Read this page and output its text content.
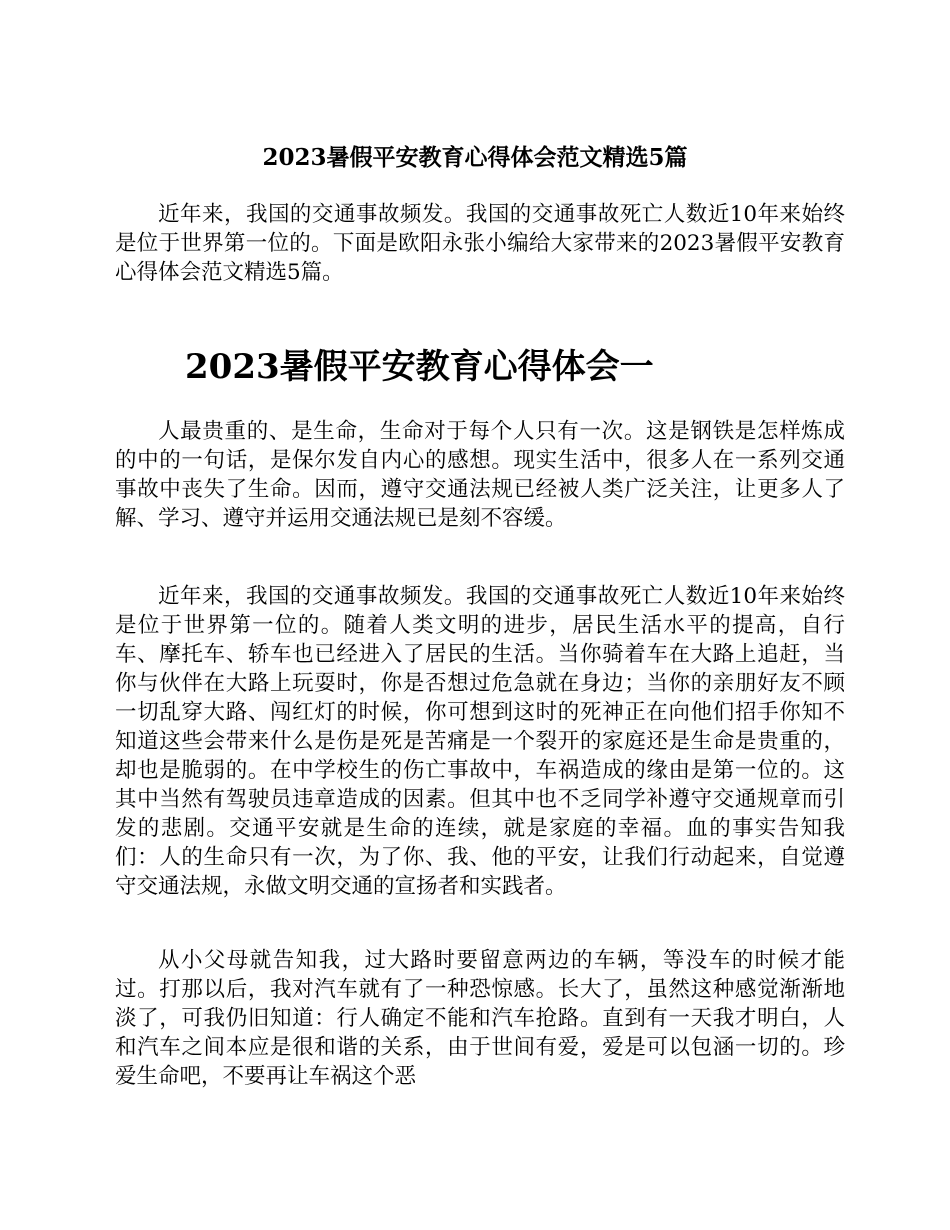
2023暑假平安教育心得体会范文精选5篇

近年来，我国的交通事故频发。我国的交通事故死亡人数近10年来始终是位于世界第一位的。下面是欧阳永张小编给大家带来的2023暑假平安教育心得体会范文精选5篇。

2023暑假平安教育心得体会一

人最贵重的、是生命，生命对于每个人只有一次。这是钢铁是怎样炼成的中的一句话，是保尔发自内心的感想。现实生活中，很多人在一系列交通事故中丧失了生命。因而，遵守交通法规已经被人类广泛关注，让更多人了解、学习、遵守并运用交通法规已是刻不容缓。

近年来，我国的交通事故频发。我国的交通事故死亡人数近10年来始终是位于世界第一位的。随着人类文明的进步，居民生活水平的提高，自行车、摩托车、轿车也已经进入了居民的生活。当你骑着车在大路上追赶，当你与伙伴在大路上玩耍时，你是否想过危急就在身边；当你的亲朋好友不顾一切乱穿大路、闯红灯的时候，你可想到这时的死神正在向他们招手你知不知道这些会带来什么是伤是死是苦痛是一个裂开的家庭还是生命是贵重的，却也是脆弱的。在中学校生的伤亡事故中，车祸造成的缘由是第一位的。这其中当然有驾驶员违章造成的因素。但其中也不乏同学补遵守交通规章而引发的悲剧。交通平安就是生命的连续，就是家庭的幸福。血的事实告知我们：人的生命只有一次，为了你、我、他的平安，让我们行动起来，自觉遵守交通法规，永做文明交通的宣扬者和实践者。

从小父母就告知我，过大路时要留意两边的车辆，等没车的时候才能过。打那以后，我对汽车就有了一种恐惊感。长大了，虽然这种感觉渐渐地淡了，可我仍旧知道：行人确定不能和汽车抢路。直到有一天我才明白，人和汽车之间本应是很和谐的关系，由于世间有爱，爱是可以包涵一切的。珍爱生命吧，不要再让车祸这个恶
